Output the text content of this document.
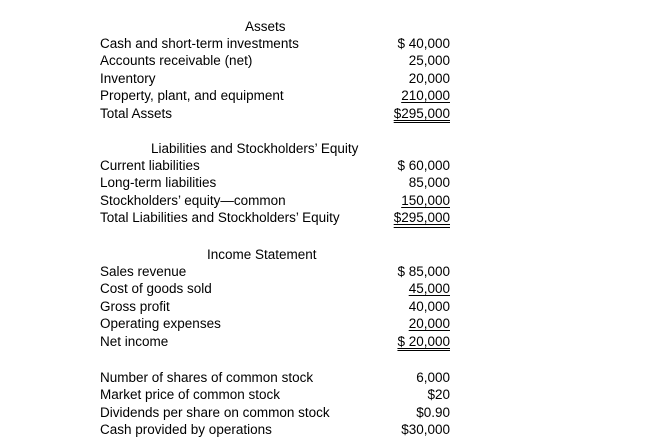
Assets
Cash and short-term investments	$ 40,000
Accounts receivable (net)	25,000
Inventory	20,000
Property, plant, and equipment	210,000
Total Assets	$295,000
Liabilities and Stockholders’ Equity
Current liabilities	$ 60,000
Long-term liabilities	85,000
Stockholders’ equity—common	150,000
Total Liabilities and Stockholders’ Equity	$295,000
Income Statement
Sales revenue	$ 85,000
Cost of goods sold	45,000
Gross profit	40,000
Operating expenses	20,000
Net income	$ 20,000
Number of shares of common stock	6,000
Market price of common stock	$20
Dividends per share on common stock	$0.90
Cash provided by operations	$30,000
